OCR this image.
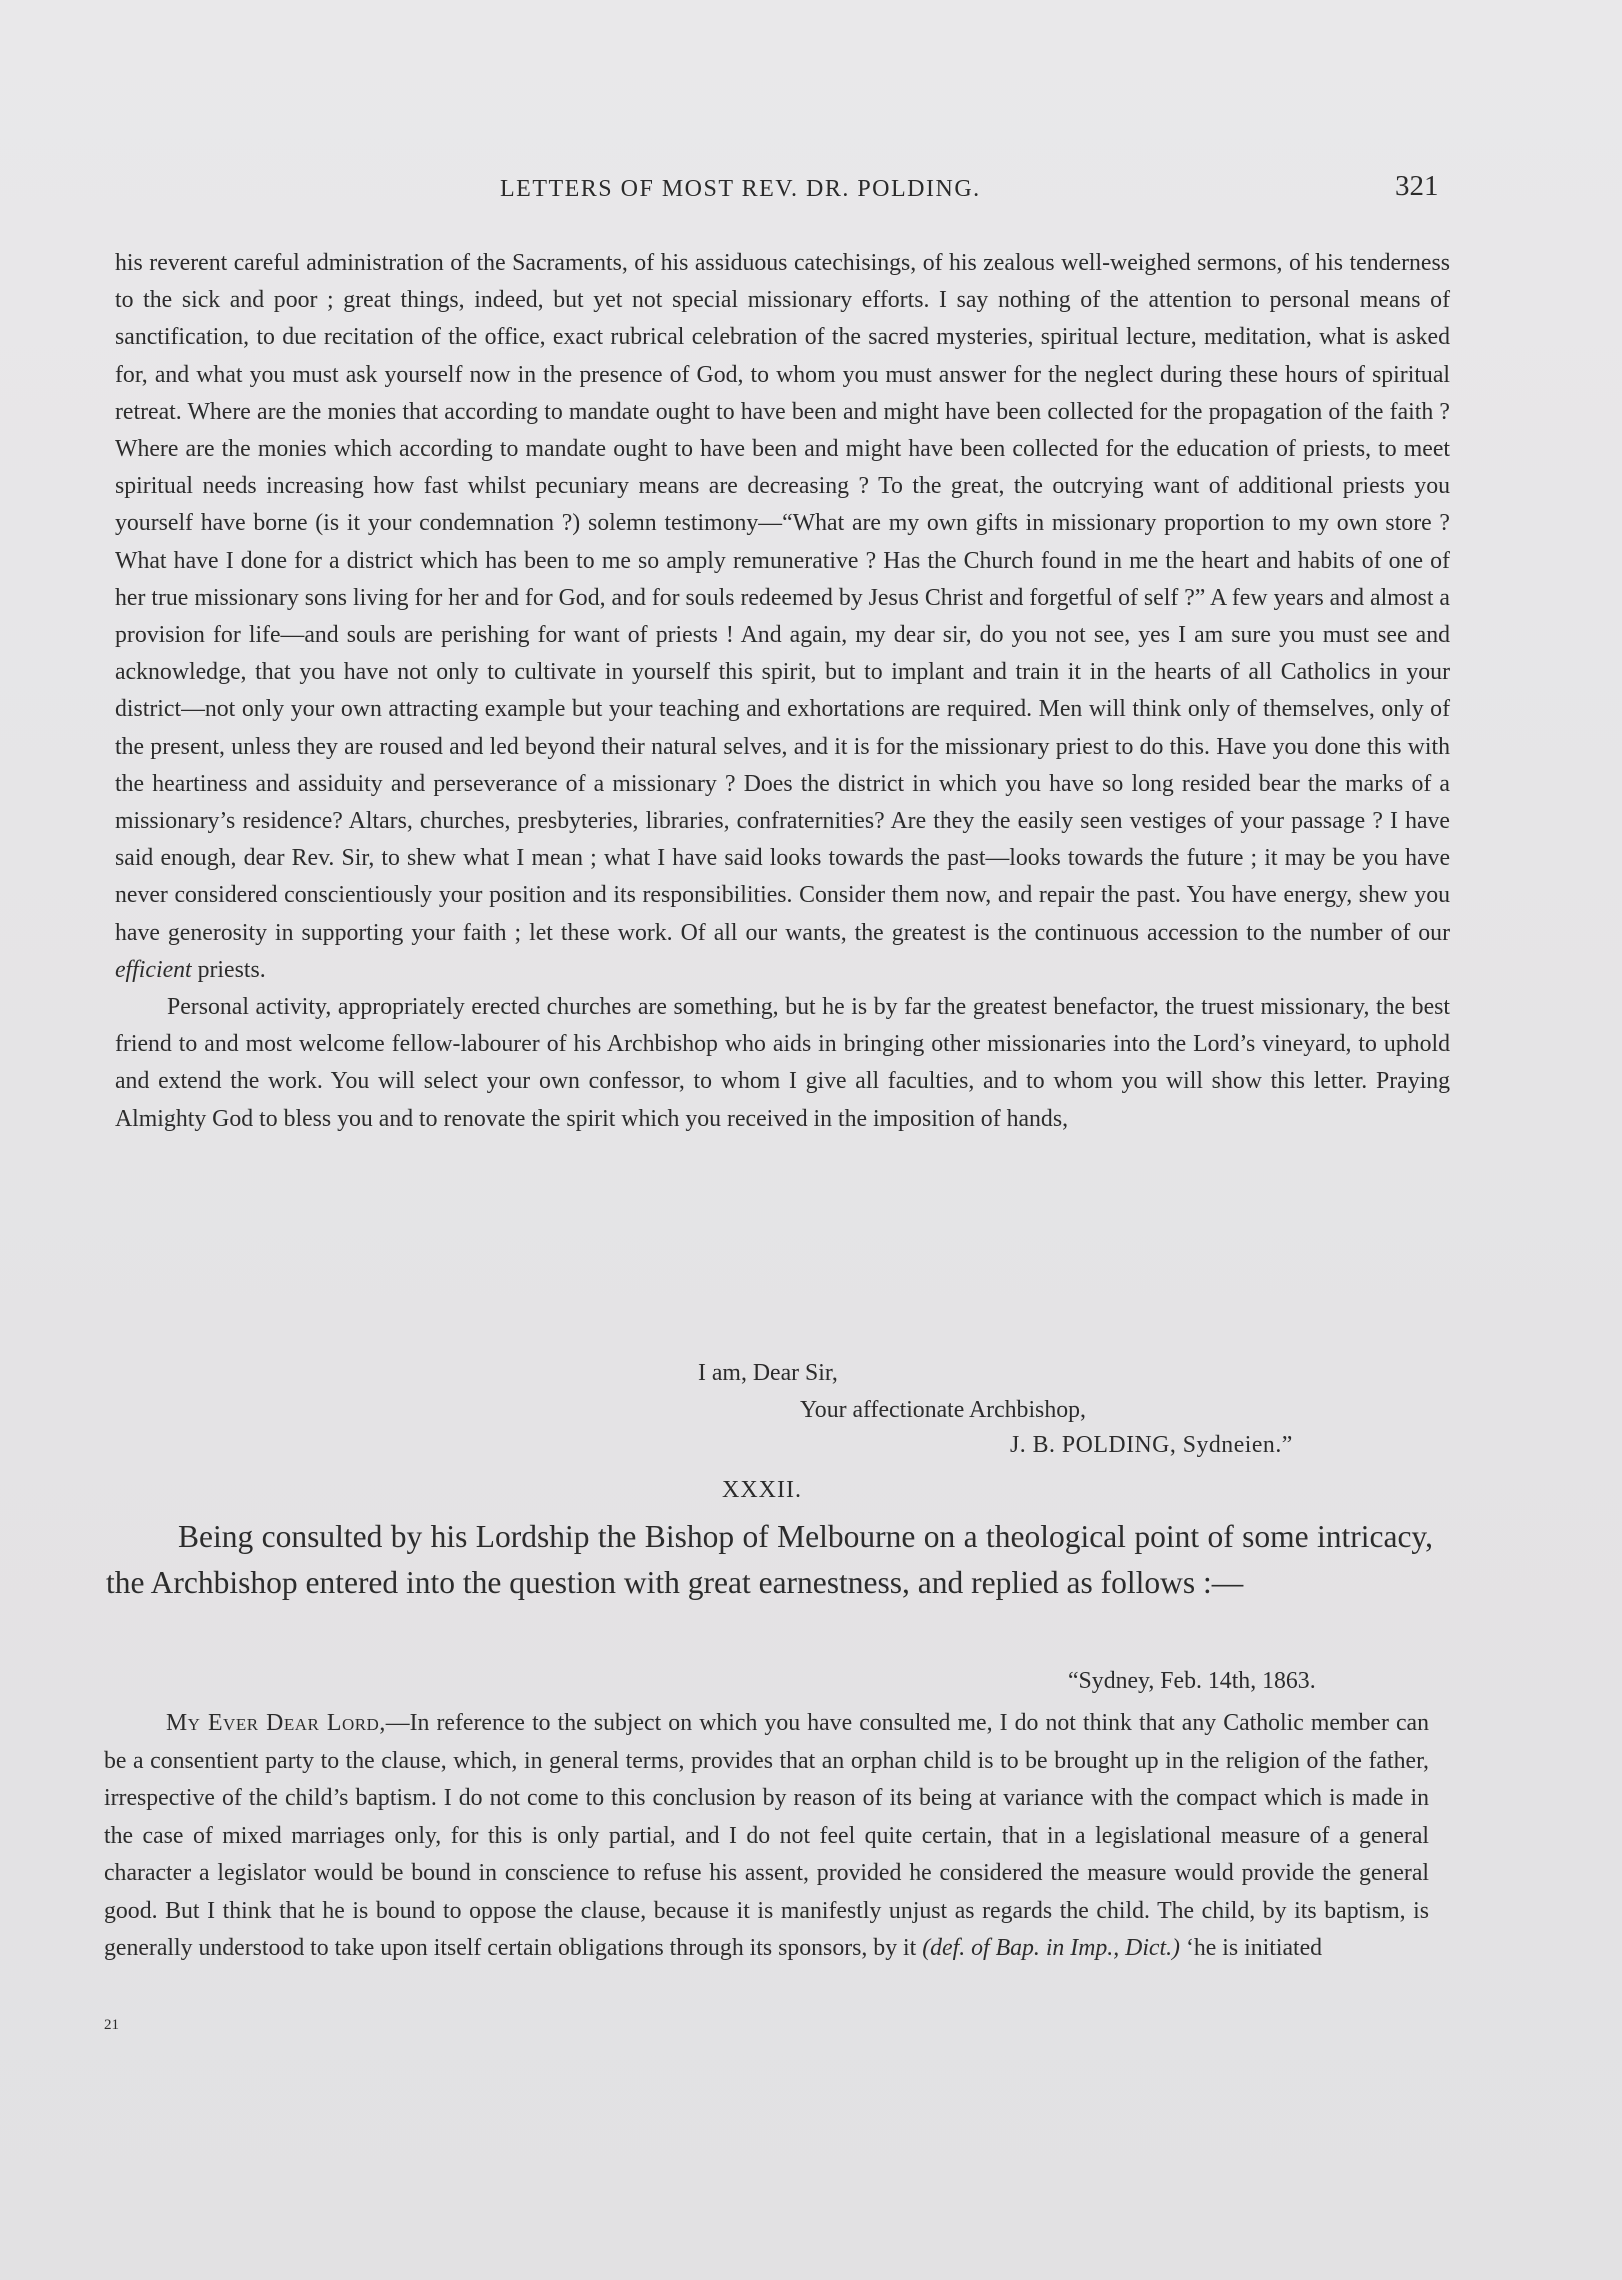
LETTERS OF MOST REV. DR. POLDING.	321

his reverent careful administration of the Sacraments, of his assiduous catechisings, of his zealous well-weighed sermons, of his tenderness to the sick and poor ; great things, indeed, but yet not special missionary efforts. I say nothing of the attention to personal means of sanctification, to due recitation of the office, exact rubrical celebration of the sacred mysteries, spiritual lecture, meditation, what is asked for, and what you must ask yourself now in the presence of God, to whom you must answer for the neglect during these hours of spiritual retreat. Where are the monies that according to mandate ought to have been and might have been collected for the propagation of the faith ? Where are the monies which according to mandate ought to have been and might have been collected for the education of priests, to meet spiritual needs increasing how fast whilst pecuniary means are decreasing ? To the great, the outcrying want of additional priests you yourself have borne (is it your condemnation ?) solemn testimony—“What are my own gifts in missionary proportion to my own store ? What have I done for a district which has been to me so amply remunerative ? Has the Church found in me the heart and habits of one of her true missionary sons living for her and for God, and for souls redeemed by Jesus Christ and forgetful of self ?” A few years and almost a provision for life—and souls are perishing for want of priests ! And again, my dear sir, do you not see, yes I am sure you must see and acknowledge, that you have not only to cultivate in yourself this spirit, but to implant and train it in the hearts of all Catholics in your district—not only your own attracting example but your teaching and exhortations are required. Men will think only of themselves, only of the present, unless they are roused and led beyond their natural selves, and it is for the missionary priest to do this. Have you done this with the heartiness and assiduity and perseverance of a missionary ? Does the district in which you have so long resided bear the marks of a missionary’s residence? Altars, churches, presbyteries, libraries, confraternities? Are they the easily seen vestiges of your passage ? I have said enough, dear Rev. Sir, to shew what I mean ; what I have said looks towards the past—looks towards the future ; it may be you have never considered conscientiously your position and its responsibilities. Consider them now, and repair the past. You have energy, shew you have generosity in supporting your faith ; let these work. Of all our wants, the greatest is the continuous accession to the number of our efficient priests.

Personal activity, appropriately erected churches are something, but he is by far the greatest benefactor, the truest missionary, the best friend to and most welcome fellow-labourer of his Archbishop who aids in bringing other missionaries into the Lord’s vineyard, to uphold and extend the work. You will select your own confessor, to whom I give all faculties, and to whom you will show this letter. Praying Almighty God to bless you and to renovate the spirit which you received in the imposition of hands,

I am, Dear Sir,
Your affectionate Archbishop,
J. B. POLDING, Sydneien.”
XXXII.

Being consulted by his Lordship the Bishop of Melbourne on a theological point of some intricacy, the Archbishop entered into the question with great earnestness, and replied as follows :—

“Sydney, Feb. 14th, 1863.

My Ever Dear Lord,—In reference to the subject on which you have consulted me, I do not think that any Catholic member can be a consentient party to the clause, which, in general terms, provides that an orphan child is to be brought up in the religion of the father, irrespective of the child’s baptism. I do not come to this conclusion by reason of its being at variance with the compact which is made in the case of mixed marriages only, for this is only partial, and I do not feel quite certain, that in a legislational measure of a general character a legislator would be bound in conscience to refuse his assent, provided he considered the measure would provide the general good. But I think that he is bound to oppose the clause, because it is manifestly unjust as regards the child. The child, by its baptism, is generally understood to take upon itself certain obligations through its sponsors, by it (def. of Bap. in Imp., Dict.) ‘he is initiated

21
